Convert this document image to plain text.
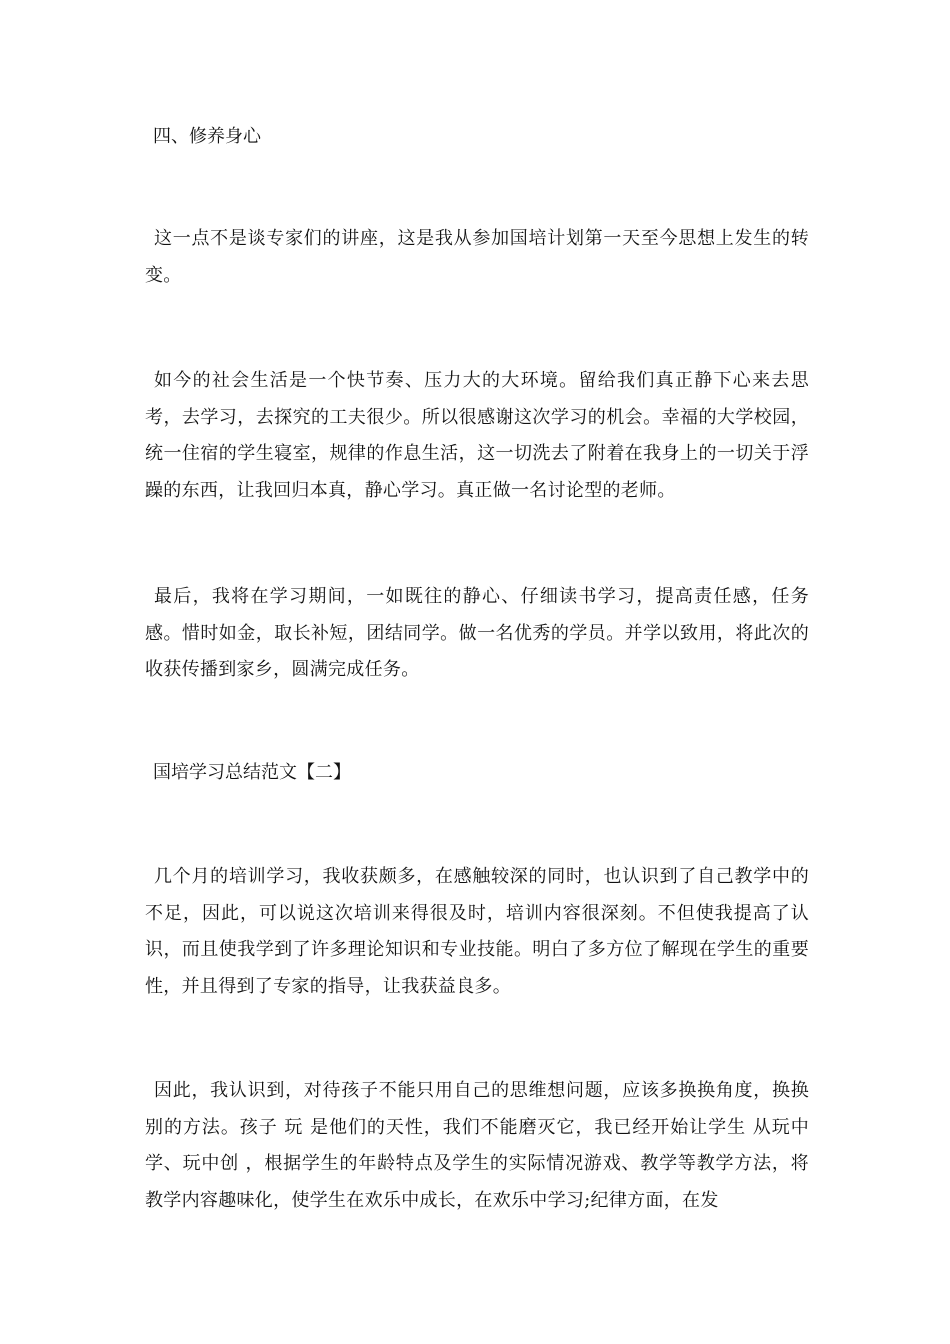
四、修养身心

这一点不是谈专家们的讲座，这是我从参加国培计划第一天至今思想上发生的转变。

如今的社会生活是一个快节奏、压力大的大环境。留给我们真正静下心来去思考，去学习，去探究的工夫很少。所以很感谢这次学习的机会。幸福的大学校园，统一住宿的学生寝室，规律的作息生活，这一切洗去了附着在我身上的一切关于浮躁的东西，让我回归本真，静心学习。真正做一名讨论型的老师。

最后，我将在学习期间，一如既往的静心、仔细读书学习，提高责任感，任务感。惜时如金，取长补短，团结同学。做一名优秀的学员。并学以致用，将此次的收获传播到家乡，圆满完成任务。

国培学习总结范文【二】

几个月的培训学习，我收获颇多，在感触较深的同时，也认识到了自己教学中的不足，因此，可以说这次培训来得很及时，培训内容很深刻。不但使我提高了认识，而且使我学到了许多理论知识和专业技能。明白了多方位了解现在学生的重要性，并且得到了专家的指导，让我获益良多。

因此，我认识到，对待孩子不能只用自己的思维想问题，应该多换换角度，换换别的方法。孩子 玩 是他们的天性，我们不能磨灭它，我已经开始让学生 从玩中学、玩中创 ，根据学生的年龄特点及学生的实际情况游戏、教学等教学方法，将教学内容趣味化，使学生在欢乐中成长，在欢乐中学习;纪律方面，在发
